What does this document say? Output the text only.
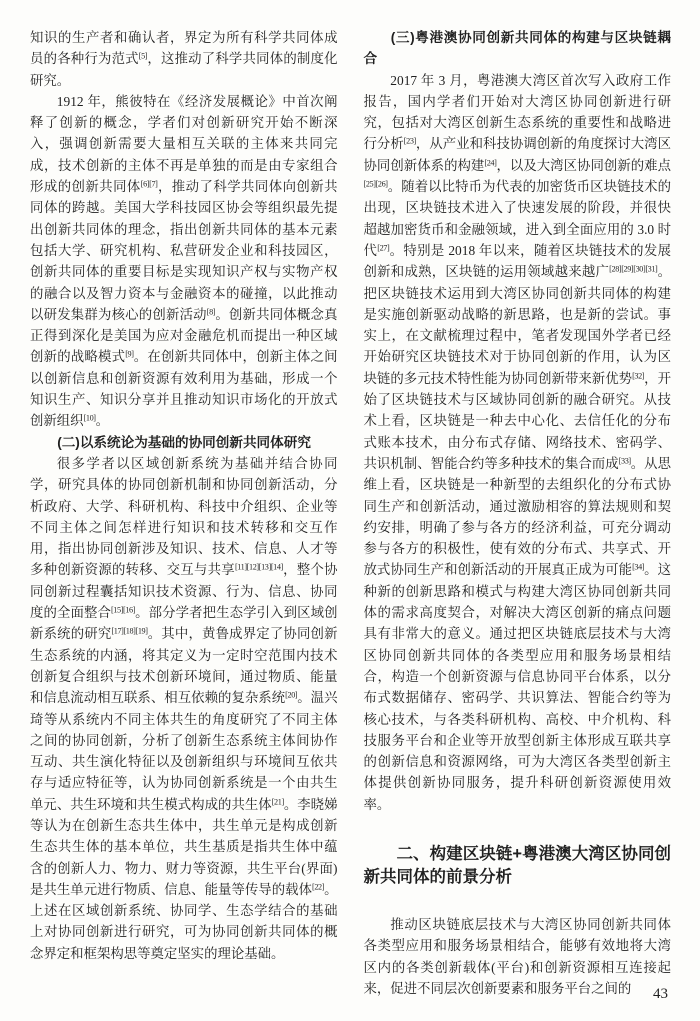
知识的生产者和确认者，界定为所有科学共同体成员的各种行为范式[5]，这推动了科学共同体的制度化研究。

1912 年，熊彼特在《经济发展概论》中首次阐释了创新的概念，学者们对创新研究开始不断深入，强调创新需要大量相互关联的主体来共同完成，技术创新的主体不再是单独的而是由专家组合形成的创新共同体[6][7]，推动了科学共同体向创新共同体的跨越。美国大学科技园区协会等组织最先提出创新共同体的理念，指出创新共同体的基本元素包括大学、研究机构、私营研发企业和科技园区，创新共同体的重要目标是实现知识产权与实物产权的融合以及智力资本与金融资本的碰撞，以此推动以研发集群为核心的创新活动[8]。创新共同体概念真正得到深化是美国为应对金融危机而提出一种区域创新的战略模式[9]。在创新共同体中，创新主体之间以创新信息和创新资源有效利用为基础，形成一个知识生产、知识分享并且推动知识市场化的开放式创新组织[10]。

(二)以系统论为基础的协同创新共同体研究

很多学者以区域创新系统为基础并结合协同学，研究具体的协同创新机制和协同创新活动，分析政府、大学、科研机构、科技中介组织、企业等不同主体之间怎样进行知识和技术转移和交互作用，指出协同创新涉及知识、技术、信息、人才等多种创新资源的转移、交互与共享[11][12][13][14]，整个协同创新过程囊括知识技术资源、行为、信息、协同度的全面整合[15][16]。部分学者把生态学引入到区域创新系统的研究[17][18][19]。其中，黄鲁成界定了协同创新生态系统的内涵，将其定义为一定时空范围内技术创新复合组织与技术创新环境间，通过物质、能量和信息流动相互联系、相互依赖的复杂系统[20]。温兴琦等从系统内不同主体共生的角度研究了不同主体之间的协同创新，分析了创新生态系统主体间协作互动、共生演化特征以及创新组织与环境间互依共存与适应特征等，认为协同创新系统是一个由共生单元、共生环境和共生模式构成的共生体[21]。李晓娣等认为在创新生态共生体中，共生单元是构成创新生态共生体的基本单位，共生基质是指共生体中蕴含的创新人力、物力、财力等资源，共生平台(界面)是共生单元进行物质、信息、能量等传导的载体[22]。上述在区域创新系统、协同学、生态学结合的基础上对协同创新进行研究，可为协同创新共同体的概念界定和框架构思等奠定坚实的理论基础。

(三)粤港澳协同创新共同体的构建与区块链耦合

2017 年 3 月，粤港澳大湾区首次写入政府工作报告，国内学者们开始对大湾区协同创新进行研究，包括对大湾区创新生态系统的重要性和战略进行分析[23]，从产业和科技协调创新的角度探讨大湾区协同创新体系的构建[24]，以及大湾区协同创新的难点[25][26]。随着以比特币为代表的加密货币区块链技术的出现，区块链技术进入了快速发展的阶段，并很快超越加密货币和金融领域，进入到全面应用的 3.0 时代[27]。特别是 2018 年以来，随着区块链技术的发展创新和成熟，区块链的运用领域越来越广[28][29][30][31]。把区块链技术运用到大湾区协同创新共同体的构建是实施创新驱动战略的新思路，也是新的尝试。事实上，在文献梳理过程中，笔者发现国外学者已经开始研究区块链技术对于协同创新的作用，认为区块链的多元技术特性能为协同创新带来新优势[32]，开始了区块链技术与区域协同创新的融合研究。从技术上看，区块链是一种去中心化、去信任化的分布式账本技术，由分布式存储、网络技术、密码学、共识机制、智能合约等多种技术的集合而成[33]。从思维上看，区块链是一种新型的去组织化的分布式协同生产和创新活动，通过激励相容的算法规则和契约安排，明确了参与各方的经济利益，可充分调动参与各方的积极性，使有效的分布式、共享式、开放式协同生产和创新活动的开展真正成为可能[34]。这种新的创新思路和模式与构建大湾区协同创新共同体的需求高度契合，对解决大湾区创新的痛点问题具有非常大的意义。通过把区块链底层技术与大湾区协同创新共同体的各类型应用和服务场景相结合，构造一个创新资源与信息协同平台体系，以分布式数据储存、密码学、共识算法、智能合约等为核心技术，与各类科研机构、高校、中介机构、科技服务平台和企业等开放型创新主体形成互联共享的创新信息和资源网络，可为大湾区各类型创新主体提供创新协同服务，提升科研创新资源使用效率。

二、构建区块链+粤港澳大湾区协同创新共同体的前景分析

推动区块链底层技术与大湾区协同创新共同体各类型应用和服务场景相结合，能够有效地将大湾区内的各类创新载体(平台)和创新资源相互连接起来，促进不同层次创新要素和服务平台之间的	43
